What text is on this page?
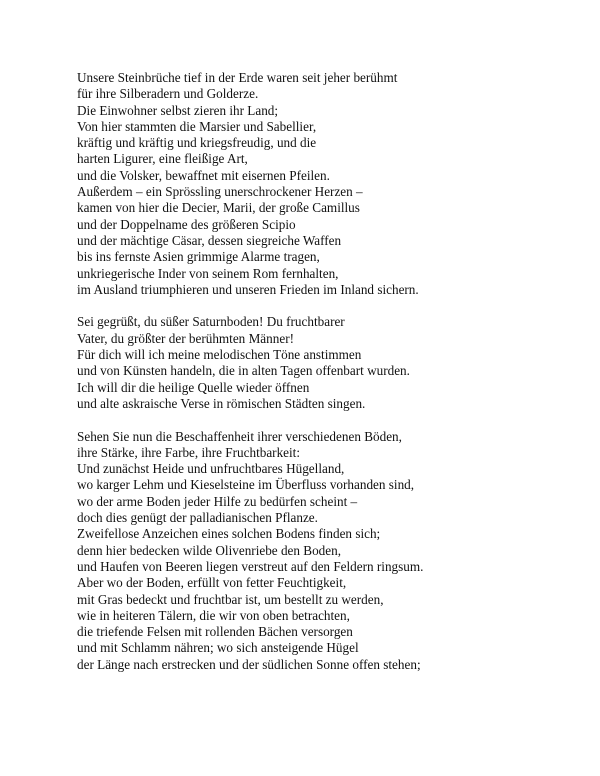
Unsere Steinbrüche tief in der Erde waren seit jeher berühmt
für ihre Silberadern und Golderze.
Die Einwohner selbst zieren ihr Land;
Von hier stammten die Marsier und Sabellier,
kräftig und kräftig und kriegsfreudig, und die
harten Ligurer, eine fleißige Art,
und die Volsker, bewaffnet mit eisernen Pfeilen.
Außerdem – ein Sprössling unerschrockener Herzen –
kamen von hier die Decier, Marii, der große Camillus
und der Doppelname des größeren Scipio
und der mächtige Cäsar, dessen siegreiche Waffen
bis ins fernste Asien grimmige Alarme tragen,
unkriegerische Inder von seinem Rom fernhalten,
im Ausland triumphieren und unseren Frieden im Inland sichern.
Sei gegrüßt, du süßer Saturnboden! Du fruchtbarer
Vater, du größter der berühmten Männer!
Für dich will ich meine melodischen Töne anstimmen
und von Künsten handeln, die in alten Tagen offenbart wurden.
Ich will dir die heilige Quelle wieder öffnen
und alte askraische Verse in römischen Städten singen.
Sehen Sie nun die Beschaffenheit ihrer verschiedenen Böden,
ihre Stärke, ihre Farbe, ihre Fruchtbarkeit:
Und zunächst Heide und unfruchtbares Hügelland,
wo karger Lehm und Kieselsteine im Überfluss vorhanden sind,
wo der arme Boden jeder Hilfe zu bedürfen scheint –
doch dies genügt der palladianischen Pflanze.
Zweifellose Anzeichen eines solchen Bodens finden sich;
denn hier bedecken wilde Olivenriebe den Boden,
und Haufen von Beeren liegen verstreut auf den Feldern ringsum.
Aber wo der Boden, erfüllt von fetter Feuchtigkeit,
mit Gras bedeckt und fruchtbar ist, um bestellt zu werden,
wie in heiteren Tälern, die wir von oben betrachten,
die triefende Felsen mit rollenden Bächen versorgen
und mit Schlamm nähren; wo sich ansteigende Hügel
der Länge nach erstrecken und der südlichen Sonne offen stehen;
